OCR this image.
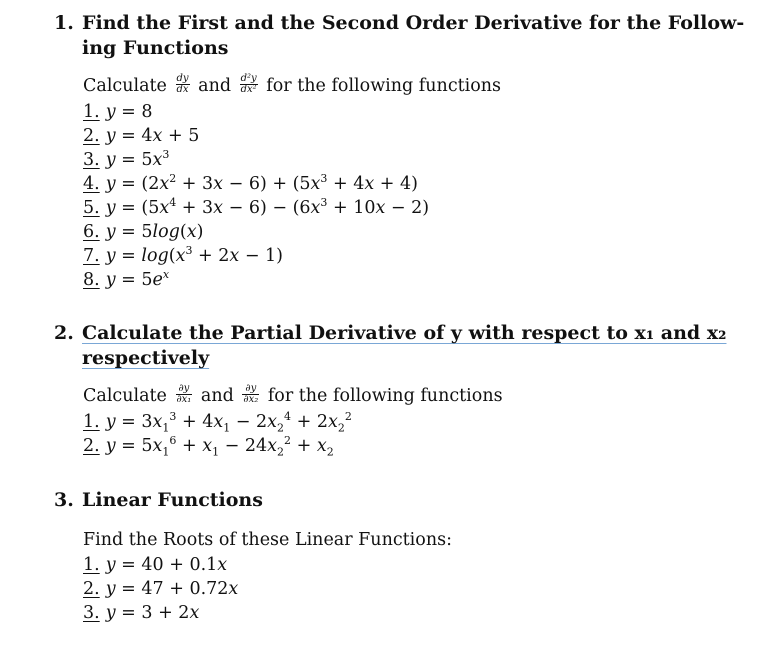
1. Find the First and the Second Order Derivative for the Follow-
ing Functions
Calculate $\frac{dy}{dx}$ and $\frac{\text{d²y}}{\text{dx²}}$ for the following functions
1. y = 8
2. y = 4x + 5
3. $y = 5x^3$
4. $y = (2x^2 + 3x - 6) + (5x^3 + 4x + 4)$
5. $y = (5x^4 + 3x - 6) - (6x^3 + 10x - 2)$
6. y = 5log(x)
7. $y = \log(x^3 + 2x - 1)$
8. $y = 5e^x$
2. Calculate the Partial Derivative of y with respect to x₁ and x₂
respectively
Calculate $\frac{\partial y}{\text{∂x₁}}$ and $\frac{\partial y}{\text{∂x₂}}$ for the following functions
1. $y = 3x_1^3 + 4x_1 - 2x_2^4 + 2x_2^2$
2. $y = 5x_1^6 + x_1 - 24x_2^2 + x_2$
3. Linear Functions
Find the Roots of these Linear Functions:
1. y = 40 + 0.1x
2. y = 47 + 0.72x
3. y = 3 + 2x
